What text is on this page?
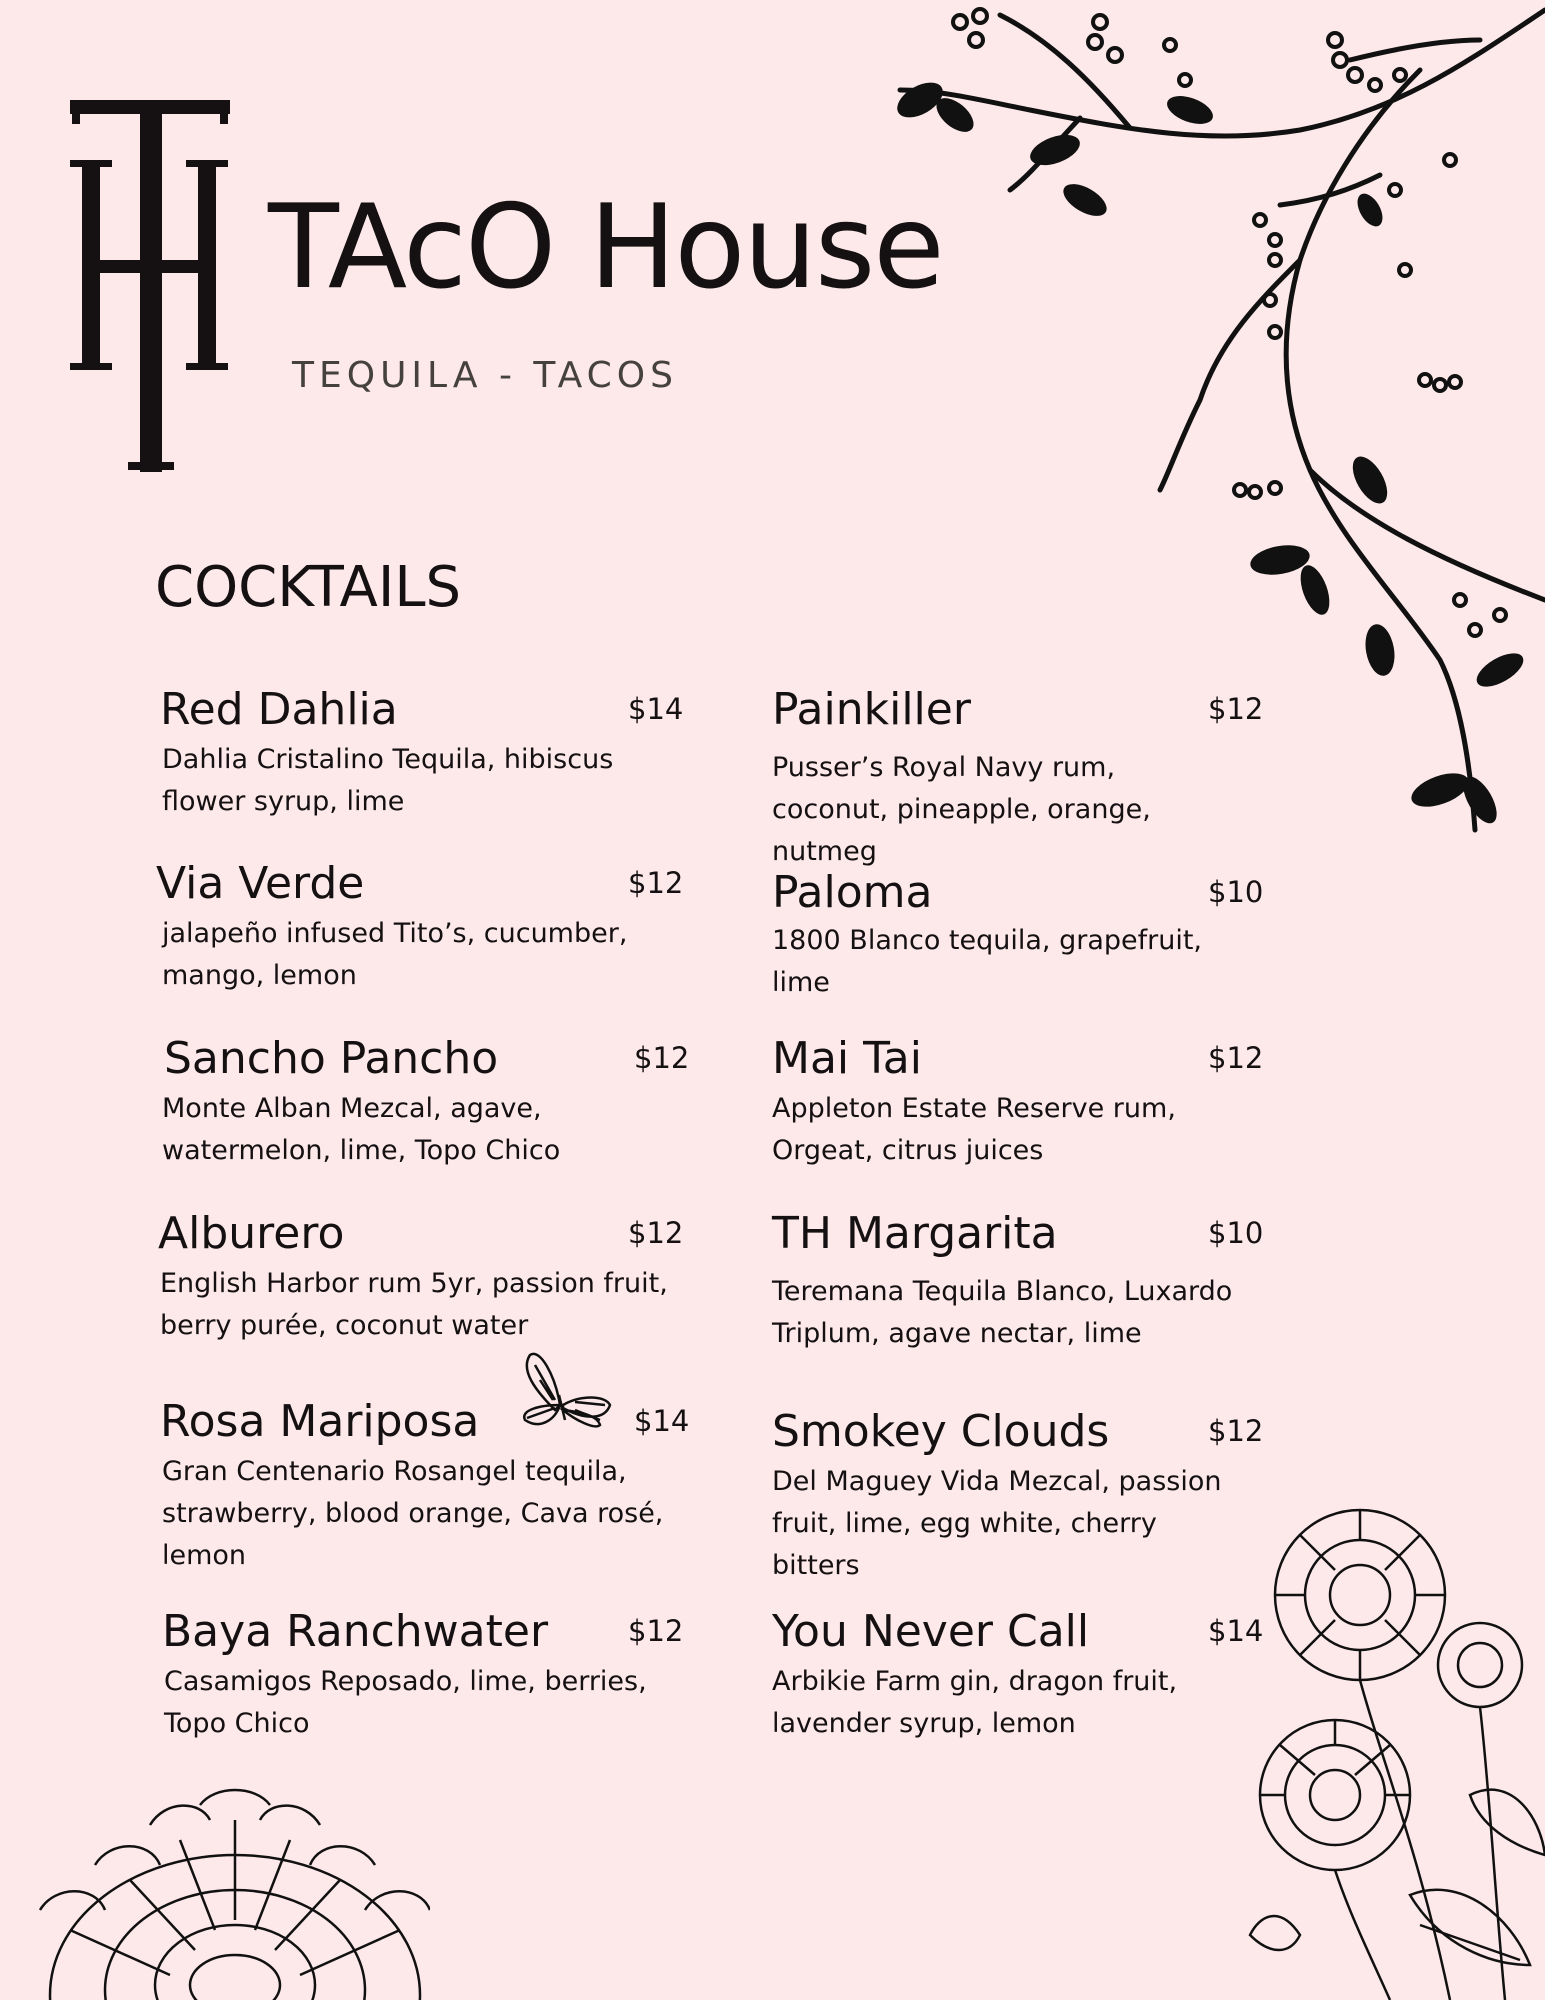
TAcO House
TEQUILA - TACOS
COCKTAILS
Red Dahlia	$14
Dahlia Cristalino Tequila, hibiscus flower syrup, lime
Via Verde	$12
jalapeño infused Tito’s, cucumber, mango, lemon
Sancho Pancho	$12
Monte Alban Mezcal, agave, watermelon, lime, Topo Chico
Alburero	$12
English Harbor rum 5yr, passion fruit, berry purée, coconut water
Rosa Mariposa	$14
Gran Centenario Rosangel tequila, strawberry, blood orange, Cava rosé, lemon
Baya Ranchwater	$12
Casamigos Reposado, lime, berries, Topo Chico
Painkiller	$12
Pusser’s Royal Navy rum, coconut, pineapple, orange, nutmeg
Paloma	$10
1800 Blanco tequila, grapefruit, lime
Mai Tai	$12
Appleton Estate Reserve rum, Orgeat, citrus juices
TH Margarita	$10
Teremana Tequila Blanco, Luxardo Triplum, agave nectar, lime
Smokey Clouds	$12
Del Maguey Vida Mezcal, passion fruit, lime, egg white, cherry bitters
You Never Call	$14
Arbikie Farm gin, dragon fruit, lavender syrup, lemon
